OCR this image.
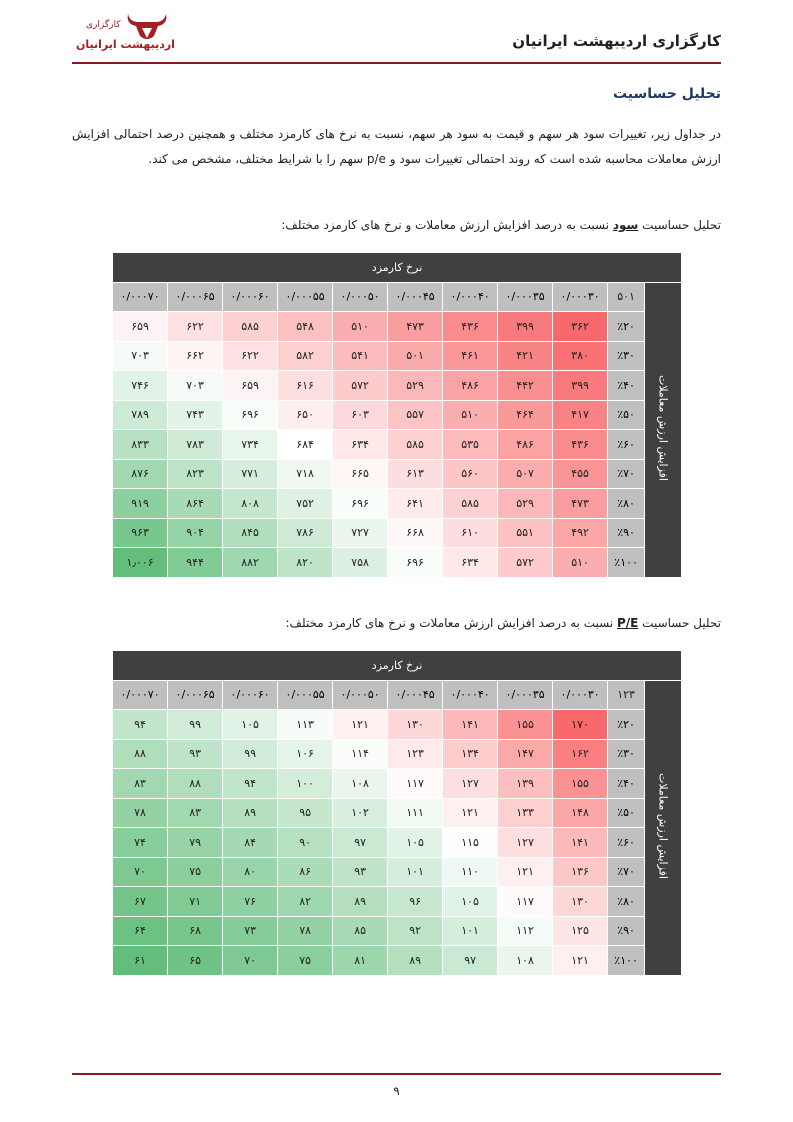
کارگزاری
اردیبهشت ایرانیان	کارگزاری اردیبهشت ایرانیان
تحلیل حساسیت
در جداول زیر، تغییرات سود هر سهم و قیمت به سود هر سهم، نسبت به نرخ های کارمزد مختلف و همچنین درصد احتمالی افزایش ارزش معاملات محاسبه شده است که روند احتمالی تغییرات سود و p/e سهم را با شرایط مختلف، مشخص می کند.
تحلیل حساسیت سود نسبت به درصد افزایش ارزش معاملات و نرخ های کارمزد مختلف:
نرخ کارمزد										
افزایش ارزش معاملات	۵۰۱	۰/۰۰۰۳۰	۰/۰۰۰۳۵	۰/۰۰۰۴۰	۰/۰۰۰۴۵	۰/۰۰۰۵۰	۰/۰۰۰۵۵	۰/۰۰۰۶۰	۰/۰۰۰۶۵	۰/۰۰۰۷۰
	٪۲۰	۳۶۲	۳۹۹	۴۳۶	۴۷۳	۵۱۰	۵۴۸	۵۸۵	۶۲۲	۶۵۹
	٪۳۰	۳۸۰	۴۲۱	۴۶۱	۵۰۱	۵۴۱	۵۸۲	۶۲۲	۶۶۲	۷۰۳
	٪۴۰	۳۹۹	۴۴۲	۴۸۶	۵۲۹	۵۷۲	۶۱۶	۶۵۹	۷۰۳	۷۴۶
	٪۵۰	۴۱۷	۴۶۴	۵۱۰	۵۵۷	۶۰۳	۶۵۰	۶۹۶	۷۴۳	۷۸۹
	٪۶۰	۴۳۶	۴۸۶	۵۳۵	۵۸۵	۶۳۴	۶۸۴	۷۳۴	۷۸۳	۸۳۳
	٪۷۰	۴۵۵	۵۰۷	۵۶۰	۶۱۳	۶۶۵	۷۱۸	۷۷۱	۸۲۳	۸۷۶
	٪۸۰	۴۷۳	۵۲۹	۵۸۵	۶۴۱	۶۹۶	۷۵۲	۸۰۸	۸۶۴	۹۱۹
	٪۹۰	۴۹۲	۵۵۱	۶۱۰	۶۶۸	۷۲۷	۷۸۶	۸۴۵	۹۰۴	۹۶۳
	٪۱۰۰	۵۱۰	۵۷۲	۶۳۴	۶۹۶	۷۵۸	۸۲۰	۸۸۲	۹۴۴	۱٫۰۰۶
تحلیل حساسیت P/E نسبت به درصد افزایش ارزش معاملات و نرخ های کارمزد مختلف:
نرخ کارمزد										
افزایش ارزش معاملات	۱۲۳	۰/۰۰۰۳۰	۰/۰۰۰۳۵	۰/۰۰۰۴۰	۰/۰۰۰۴۵	۰/۰۰۰۵۰	۰/۰۰۰۵۵	۰/۰۰۰۶۰	۰/۰۰۰۶۵	۰/۰۰۰۷۰
	٪۲۰	۱۷۰	۱۵۵	۱۴۱	۱۳۰	۱۲۱	۱۱۳	۱۰۵	۹۹	۹۴
	٪۳۰	۱۶۲	۱۴۷	۱۳۴	۱۲۳	۱۱۴	۱۰۶	۹۹	۹۳	۸۸
	٪۴۰	۱۵۵	۱۳۹	۱۲۷	۱۱۷	۱۰۸	۱۰۰	۹۴	۸۸	۸۳
	٪۵۰	۱۴۸	۱۳۳	۱۲۱	۱۱۱	۱۰۲	۹۵	۸۹	۸۳	۷۸
	٪۶۰	۱۴۱	۱۲۷	۱۱۵	۱۰۵	۹۷	۹۰	۸۴	۷۹	۷۴
	٪۷۰	۱۳۶	۱۲۱	۱۱۰	۱۰۱	۹۳	۸۶	۸۰	۷۵	۷۰
	٪۸۰	۱۳۰	۱۱۷	۱۰۵	۹۶	۸۹	۸۲	۷۶	۷۱	۶۷
	٪۹۰	۱۲۵	۱۱۲	۱۰۱	۹۲	۸۵	۷۸	۷۳	۶۸	۶۴
	٪۱۰۰	۱۲۱	۱۰۸	۹۷	۸۹	۸۱	۷۵	۷۰	۶۵	۶۱
۹
